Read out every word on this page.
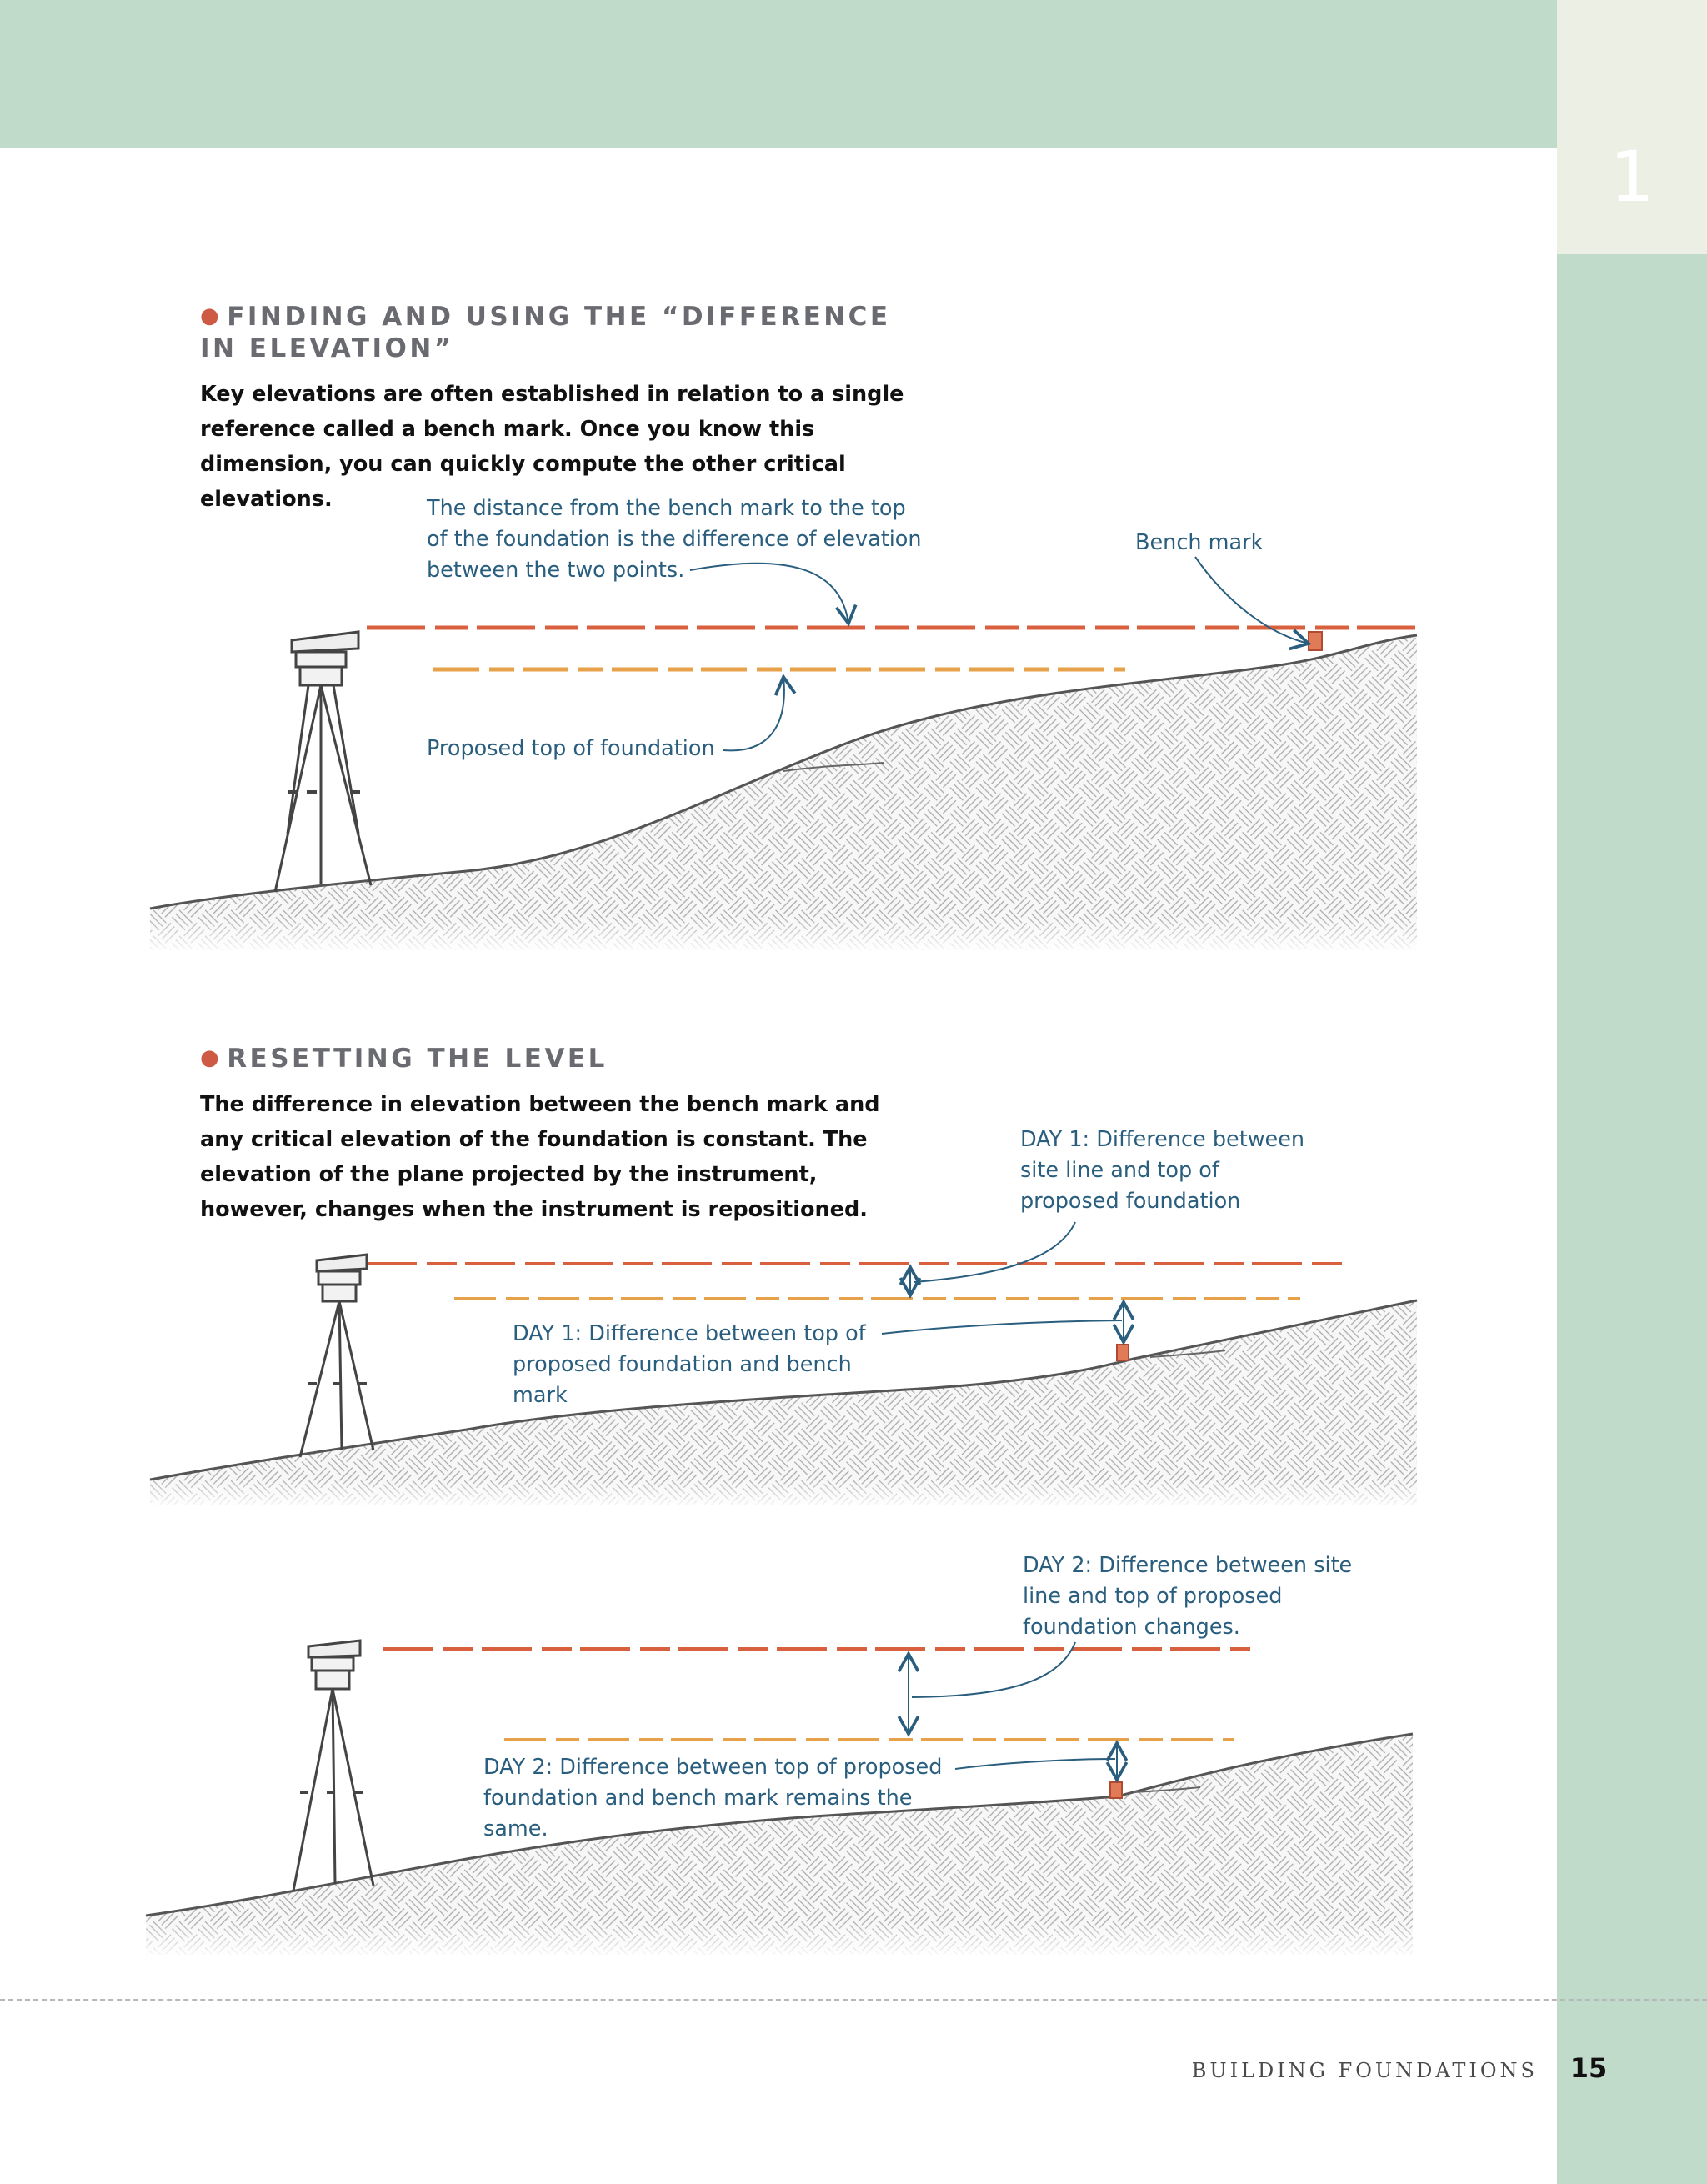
1
● FINDING AND USING THE “DIFFERENCE IN ELEVATION”

Key elevations are often established in relation to a single reference called a bench mark. Once you know this dimension, you can quickly compute the other critical elevations.	The distance from the bench mark to the top of the foundation is the difference of elevation between the two points.

Bench mark

Proposed top of foundation

● RESETTING THE LEVEL

The difference in elevation between the bench mark and any critical elevation of the foundation is constant. The elevation of the plane projected by the instrument, however, changes when the instrument is repositioned.

DAY 1: Difference between site line and top of proposed foundation

DAY 1: Difference between top of proposed foundation and bench mark

DAY 2: Difference between site line and top of proposed foundation changes.

DAY 2: Difference between top of proposed foundation and bench mark remains the same.

BUILDING FOUNDATIONS	15
